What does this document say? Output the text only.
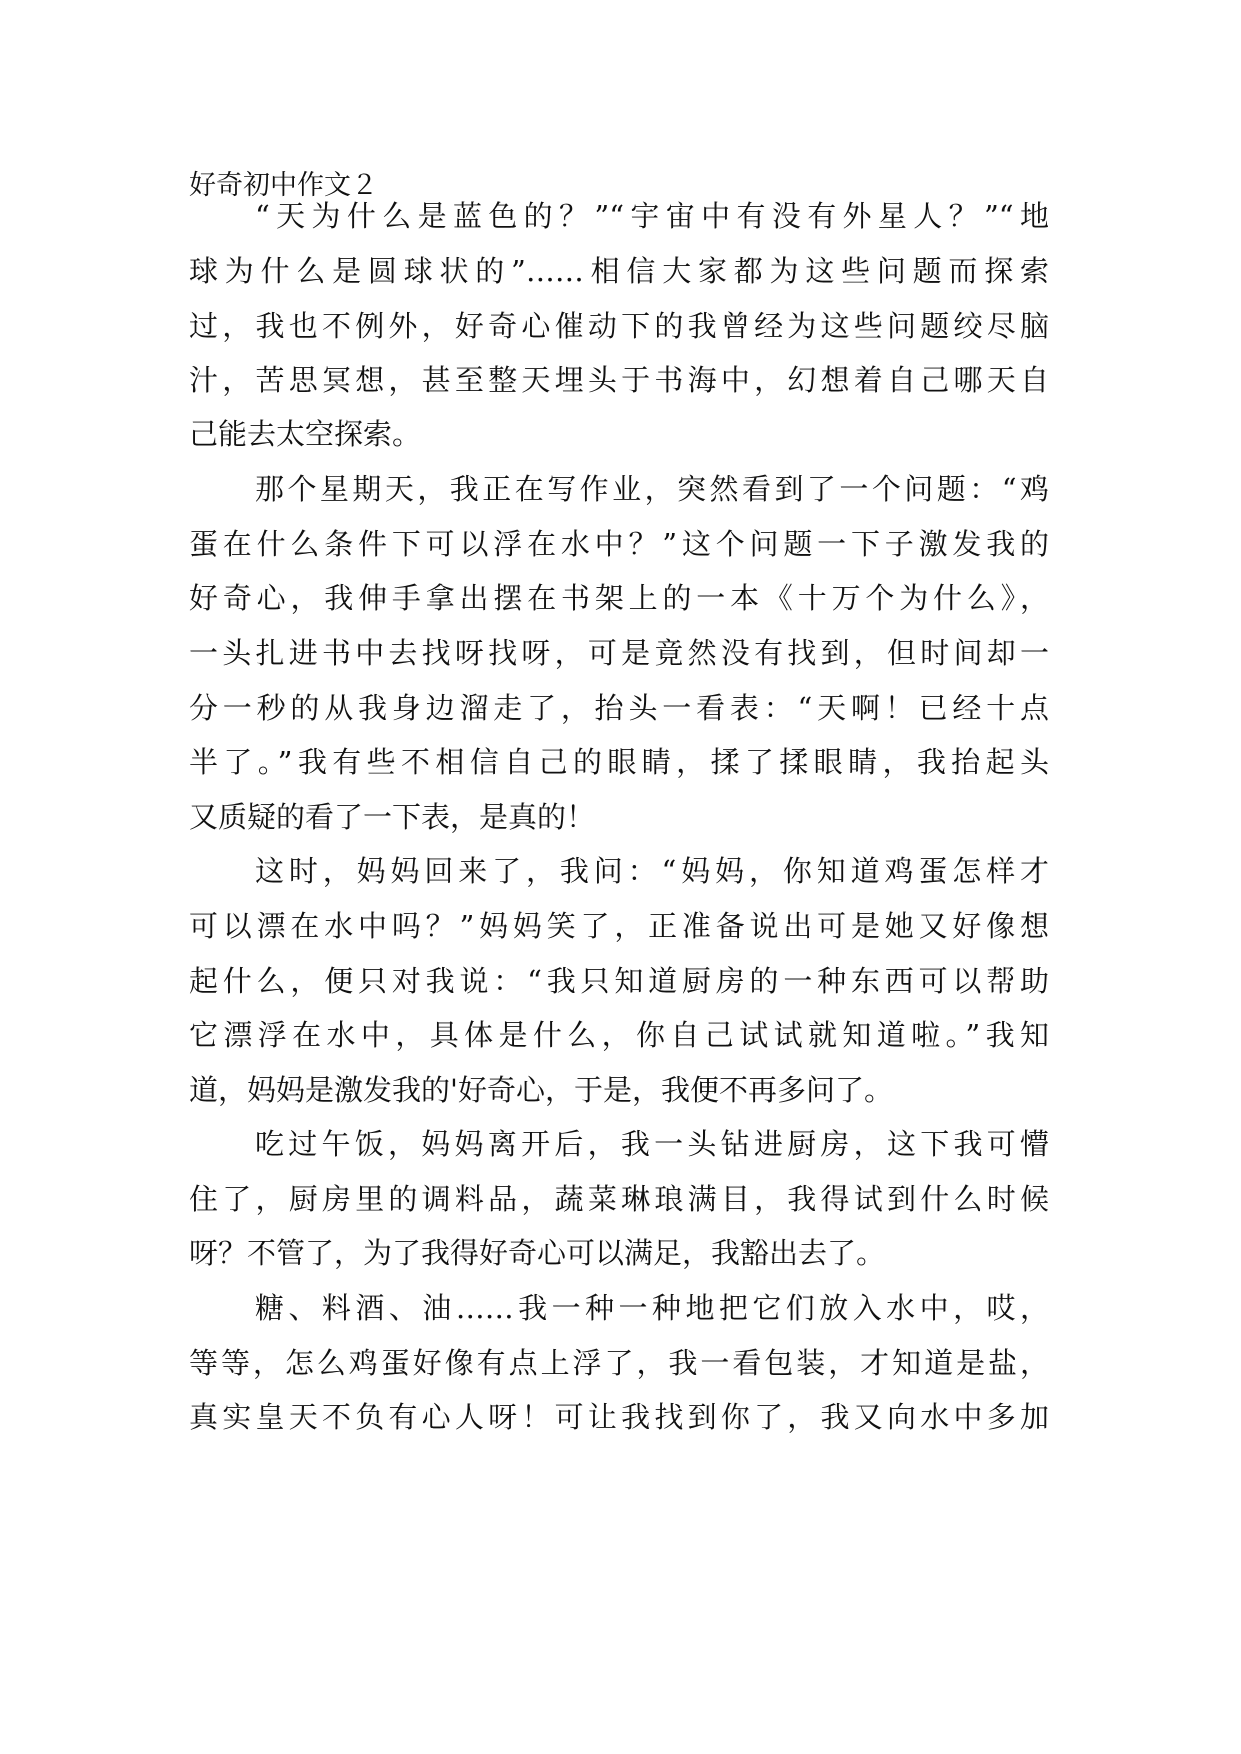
好奇初中作文２
“天为什么是蓝色的？”“宇宙中有没有外星人？”“地
球为什么是圆球状的”……相信大家都为这些问题而探索
过，我也不例外，好奇心催动下的我曾经为这些问题绞尽脑
汁，苦思冥想，甚至整天埋头于书海中，幻想着自己哪天自
己能去太空探索。
那个星期天，我正在写作业，突然看到了一个问题：“鸡
蛋在什么条件下可以浮在水中？”这个问题一下子激发我的
好奇心，我伸手拿出摆在书架上的一本《十万个为什么》，
一头扎进书中去找呀找呀，可是竟然没有找到，但时间却一
分一秒的从我身边溜走了，抬头一看表：“天啊！已经十点
半了。”我有些不相信自己的眼睛，揉了揉眼睛，我抬起头
又质疑的看了一下表，是真的！
这时，妈妈回来了，我问：“妈妈，你知道鸡蛋怎样才
可以漂在水中吗？”妈妈笑了，正准备说出可是她又好像想
起什么，便只对我说：“我只知道厨房的一种东西可以帮助
它漂浮在水中，具体是什么，你自己试试就知道啦。”我知
道，妈妈是激发我的'好奇心，于是，我便不再多问了。
吃过午饭，妈妈离开后，我一头钻进厨房，这下我可懵
住了，厨房里的调料品，蔬菜琳琅满目，我得试到什么时候
呀？不管了，为了我得好奇心可以满足，我豁出去了。
糖、料酒、油……我一种一种地把它们放入水中，哎，
等等，怎么鸡蛋好像有点上浮了，我一看包装，才知道是盐，
真实皇天不负有心人呀！可让我找到你了，我又向水中多加
